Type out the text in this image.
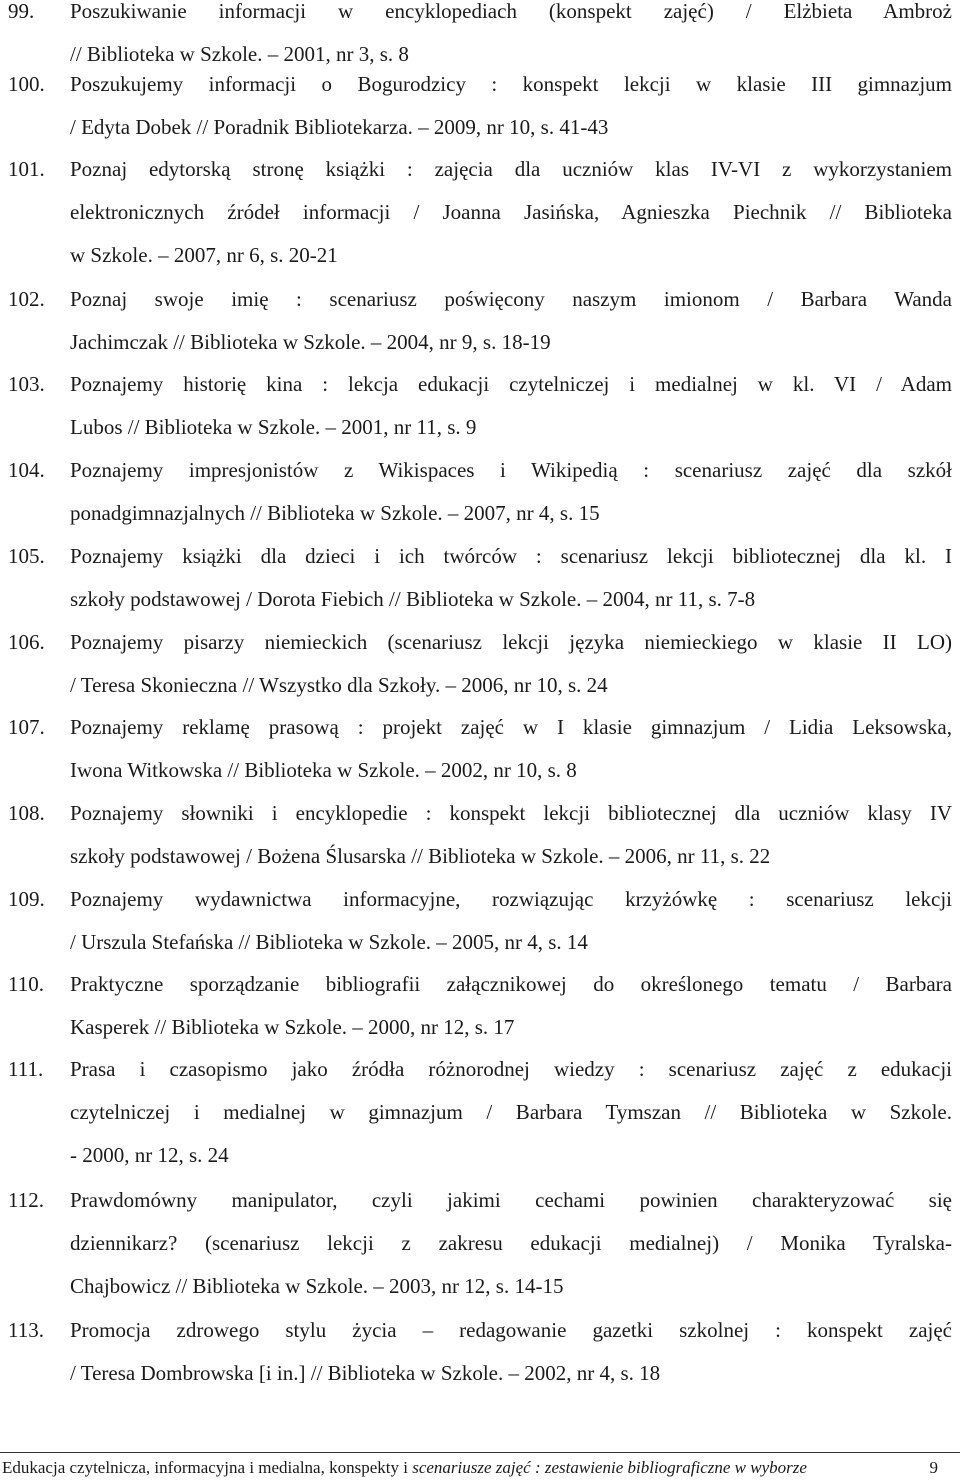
99.	Poszukiwanie informacji w encyklopediach (konspekt zajęć) / Elżbieta Ambroż
// Biblioteka w Szkole. – 2001, nr 3, s. 8
100.	Poszukujemy informacji o Bogurodzicy : konspekt lekcji w klasie III gimnazjum
/ Edyta Dobek // Poradnik Bibliotekarza. – 2009, nr 10, s. 41-43
101.	Poznaj edytorską stronę książki : zajęcia dla uczniów klas IV-VI z wykorzystaniem
elektronicznych źródeł informacji / Joanna Jasińska, Agnieszka Piechnik // Biblioteka
w Szkole. – 2007, nr 6, s. 20-21
102.	Poznaj swoje imię : scenariusz poświęcony naszym imionom / Barbara Wanda
Jachimczak // Biblioteka w Szkole. – 2004, nr 9, s. 18-19
103.	Poznajemy historię kina : lekcja edukacji czytelniczej i medialnej w kl. VI / Adam
Lubos // Biblioteka w Szkole. – 2001, nr 11, s. 9
104.	Poznajemy impresjonistów z Wikispaces i Wikipedią : scenariusz zajęć dla szkół
ponadgimnazjalnych // Biblioteka w Szkole. – 2007, nr 4, s. 15
105.	Poznajemy książki dla dzieci i ich twórców : scenariusz lekcji bibliotecznej dla kl. I
szkoły podstawowej / Dorota Fiebich // Biblioteka w Szkole. – 2004, nr 11, s. 7-8
106.	Poznajemy pisarzy niemieckich (scenariusz lekcji języka niemieckiego w klasie II LO)
/ Teresa Skonieczna // Wszystko dla Szkoły. – 2006, nr 10, s. 24
107.	Poznajemy reklamę prasową : projekt zajęć w I klasie gimnazjum / Lidia Leksowska,
Iwona Witkowska // Biblioteka w Szkole. – 2002, nr 10, s. 8
108.	Poznajemy słowniki i encyklopedie : konspekt lekcji bibliotecznej dla uczniów klasy IV
szkoły podstawowej / Bożena Ślusarska // Biblioteka w Szkole. – 2006, nr 11, s. 22
109.	Poznajemy wydawnictwa informacyjne, rozwiązując krzyżówkę : scenariusz lekcji
/ Urszula Stefańska // Biblioteka w Szkole. – 2005, nr 4, s. 14
110.	Praktyczne sporządzanie bibliografii załącznikowej do określonego tematu / Barbara
Kasperek // Biblioteka w Szkole. – 2000, nr 12, s. 17
111.	Prasa i czasopismo jako źródła różnorodnej wiedzy : scenariusz zajęć z edukacji
czytelniczej i medialnej w gimnazjum / Barbara Tymszan // Biblioteka w Szkole.
- 2000, nr 12, s. 24
112.	Prawdomówny manipulator, czyli jakimi cechami powinien charakteryzować się
dziennikarz? (scenariusz lekcji z zakresu edukacji medialnej) / Monika Tyralska-
Chajbowicz // Biblioteka w Szkole. – 2003, nr 12, s. 14-15
113.	Promocja zdrowego stylu życia – redagowanie gazetki szkolnej : konspekt zajęć
/ Teresa Dombrowska [i in.] // Biblioteka w Szkole. – 2002, nr 4, s. 18
Edukacja czytelnicza, informacyjna i medialna, konspekty i scenariusze zajęć : zestawienie bibliograficzne w wyborze	9
